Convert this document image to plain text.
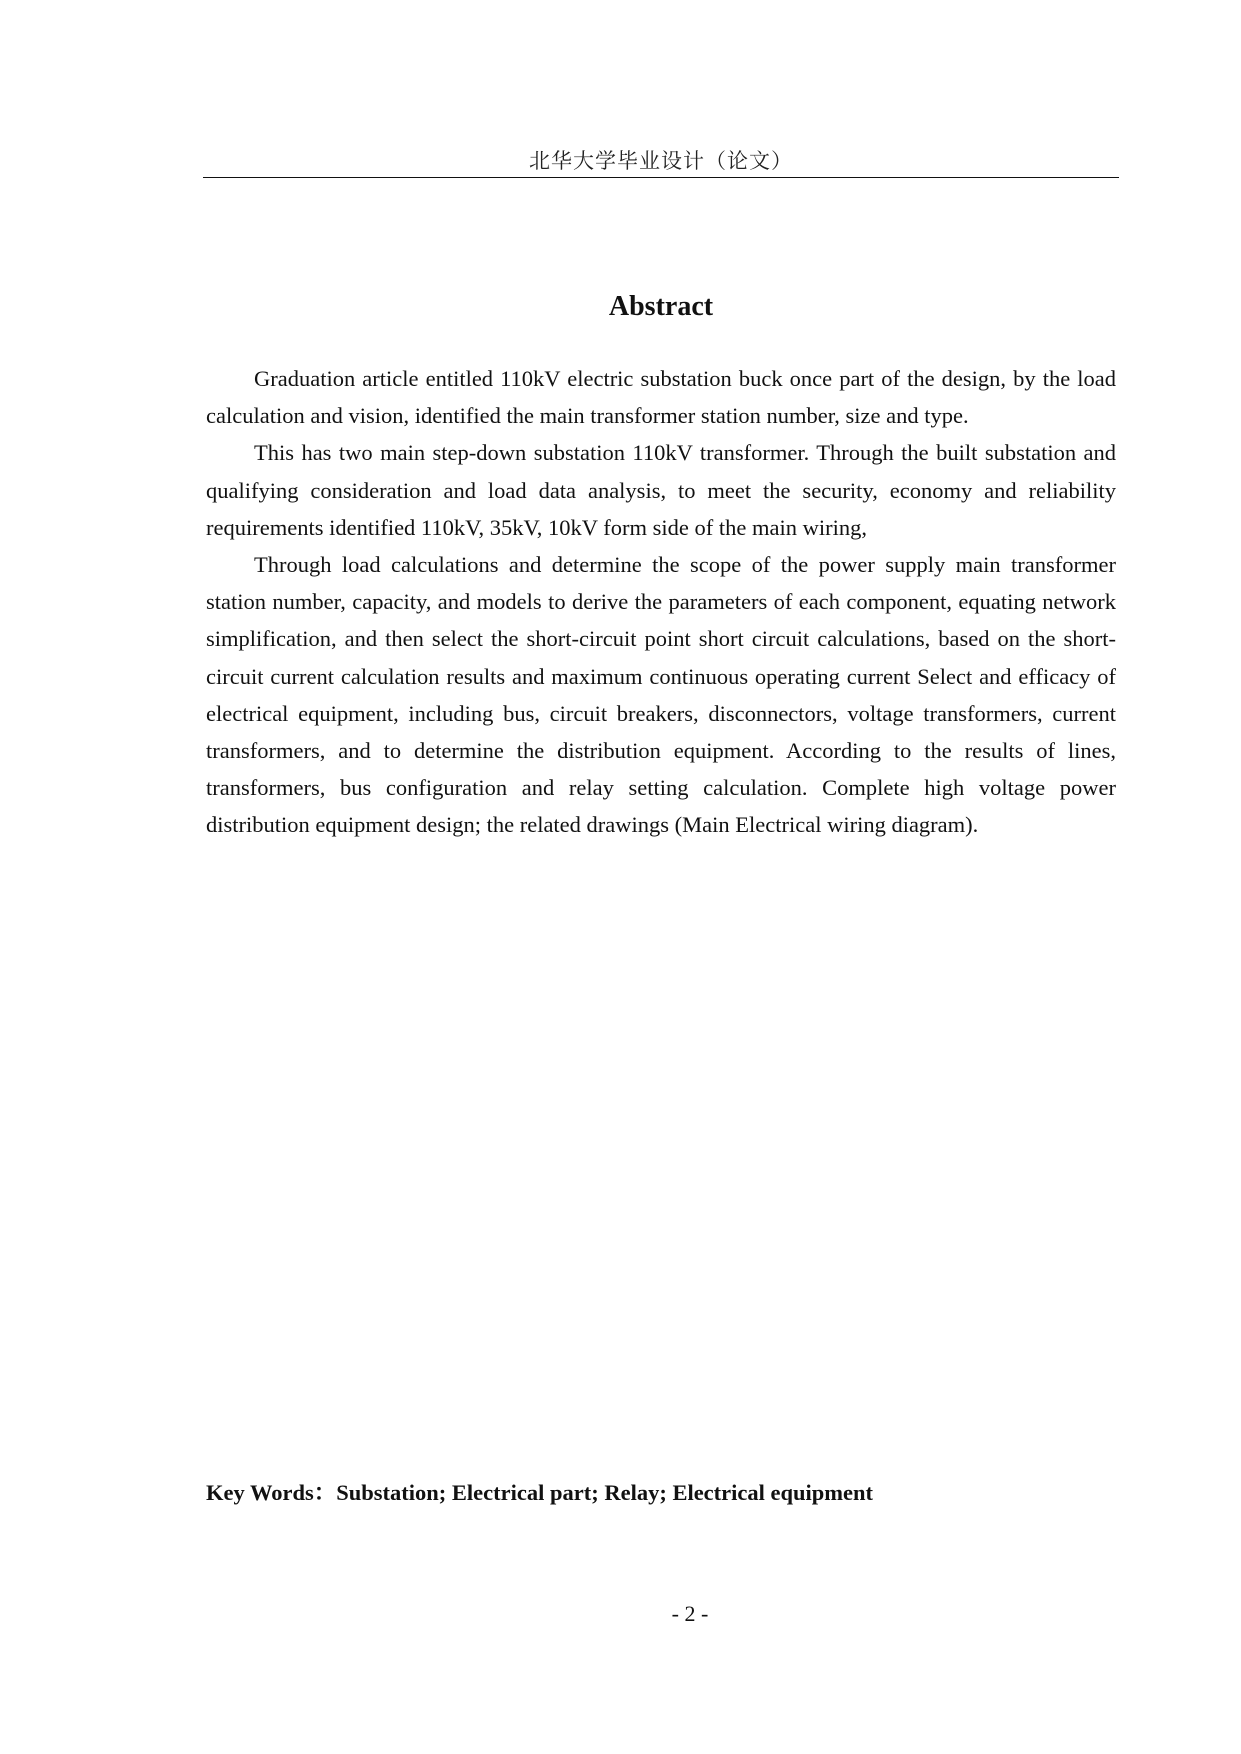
北华大学毕业设计（论文）
Abstract

Graduation article entitled 110kV electric substation buck once part of the design, by the load calculation and vision, identified the main transformer station number, size and type.

This has two main step-down substation 110kV transformer. Through the built substation and qualifying consideration and load data analysis, to meet the security, economy and reliability requirements identified 110kV, 35kV, 10kV form side of the main wiring,

Through load calculations and determine the scope of the power supply main transformer station number, capacity, and models to derive the parameters of each component, equating network simplification, and then select the short-circuit point short circuit calculations, based on the short-circuit current calculation results and maximum continuous operating current Select and efficacy of electrical equipment, including bus, circuit breakers, disconnectors, voltage transformers, current transformers, and to determine the distribution equipment. According to the results of lines, transformers, bus configuration and relay setting calculation. Complete high voltage power distribution equipment design; the related drawings (Main Electrical wiring diagram).

Key Words：Substation; Electrical part; Relay; Electrical equipment
- 2 -
